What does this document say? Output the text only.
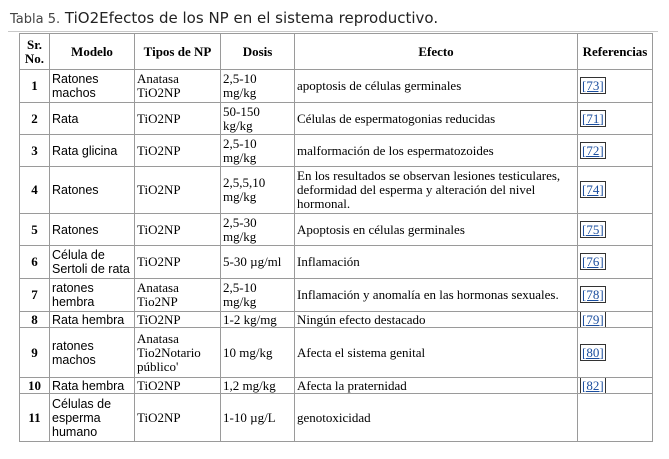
Tabla 5. TiO2Efectos de los NP en el sistema reproductivo.
Sr. No.	Modelo	Tipos de NP	Dosis	Efecto	Referencias
1	Ratones machos	Anatasa TiO2NP	2,5-10 mg/kg	apoptosis de células germinales	[73]
2	Rata	TiO2NP	50-150 kg/kg	Células de espermatogonias reducidas	[71]
3	Rata glicina	TiO2NP	2,5-10 mg/kg	malformación de los espermatozoides	[72]
4	Ratones	TiO2NP	2,5,5,10 mg/kg	En los resultados se observan lesiones testiculares, deformidad del esperma y alteración del nivel hormonal.	[74]
5	Ratones	TiO2NP	2,5-30 mg/kg	Apoptosis en células germinales	[75]
6	Célula de Sertoli de rata	TiO2NP	5-30 µg/ml	Inflamación	[76]
7	ratones hembra	Anatasa Tio2NP	2,5-10 mg/kg	Inflamación y anomalía en las hormonas sexuales.	[78]
8	Rata hembra	TiO2NP	1-2 kg/mg	Ningún efecto destacado	[79]
9	ratones machos	Anatasa Tio2Notario público'	10 mg/kg	Afecta el sistema genital	[80]
10	Rata hembra	TiO2NP	1,2 mg/kg	Afecta la praternidad	[82]
11	Células de esperma humano	TiO2NP	1-10 µg/L	genotoxicidad	
